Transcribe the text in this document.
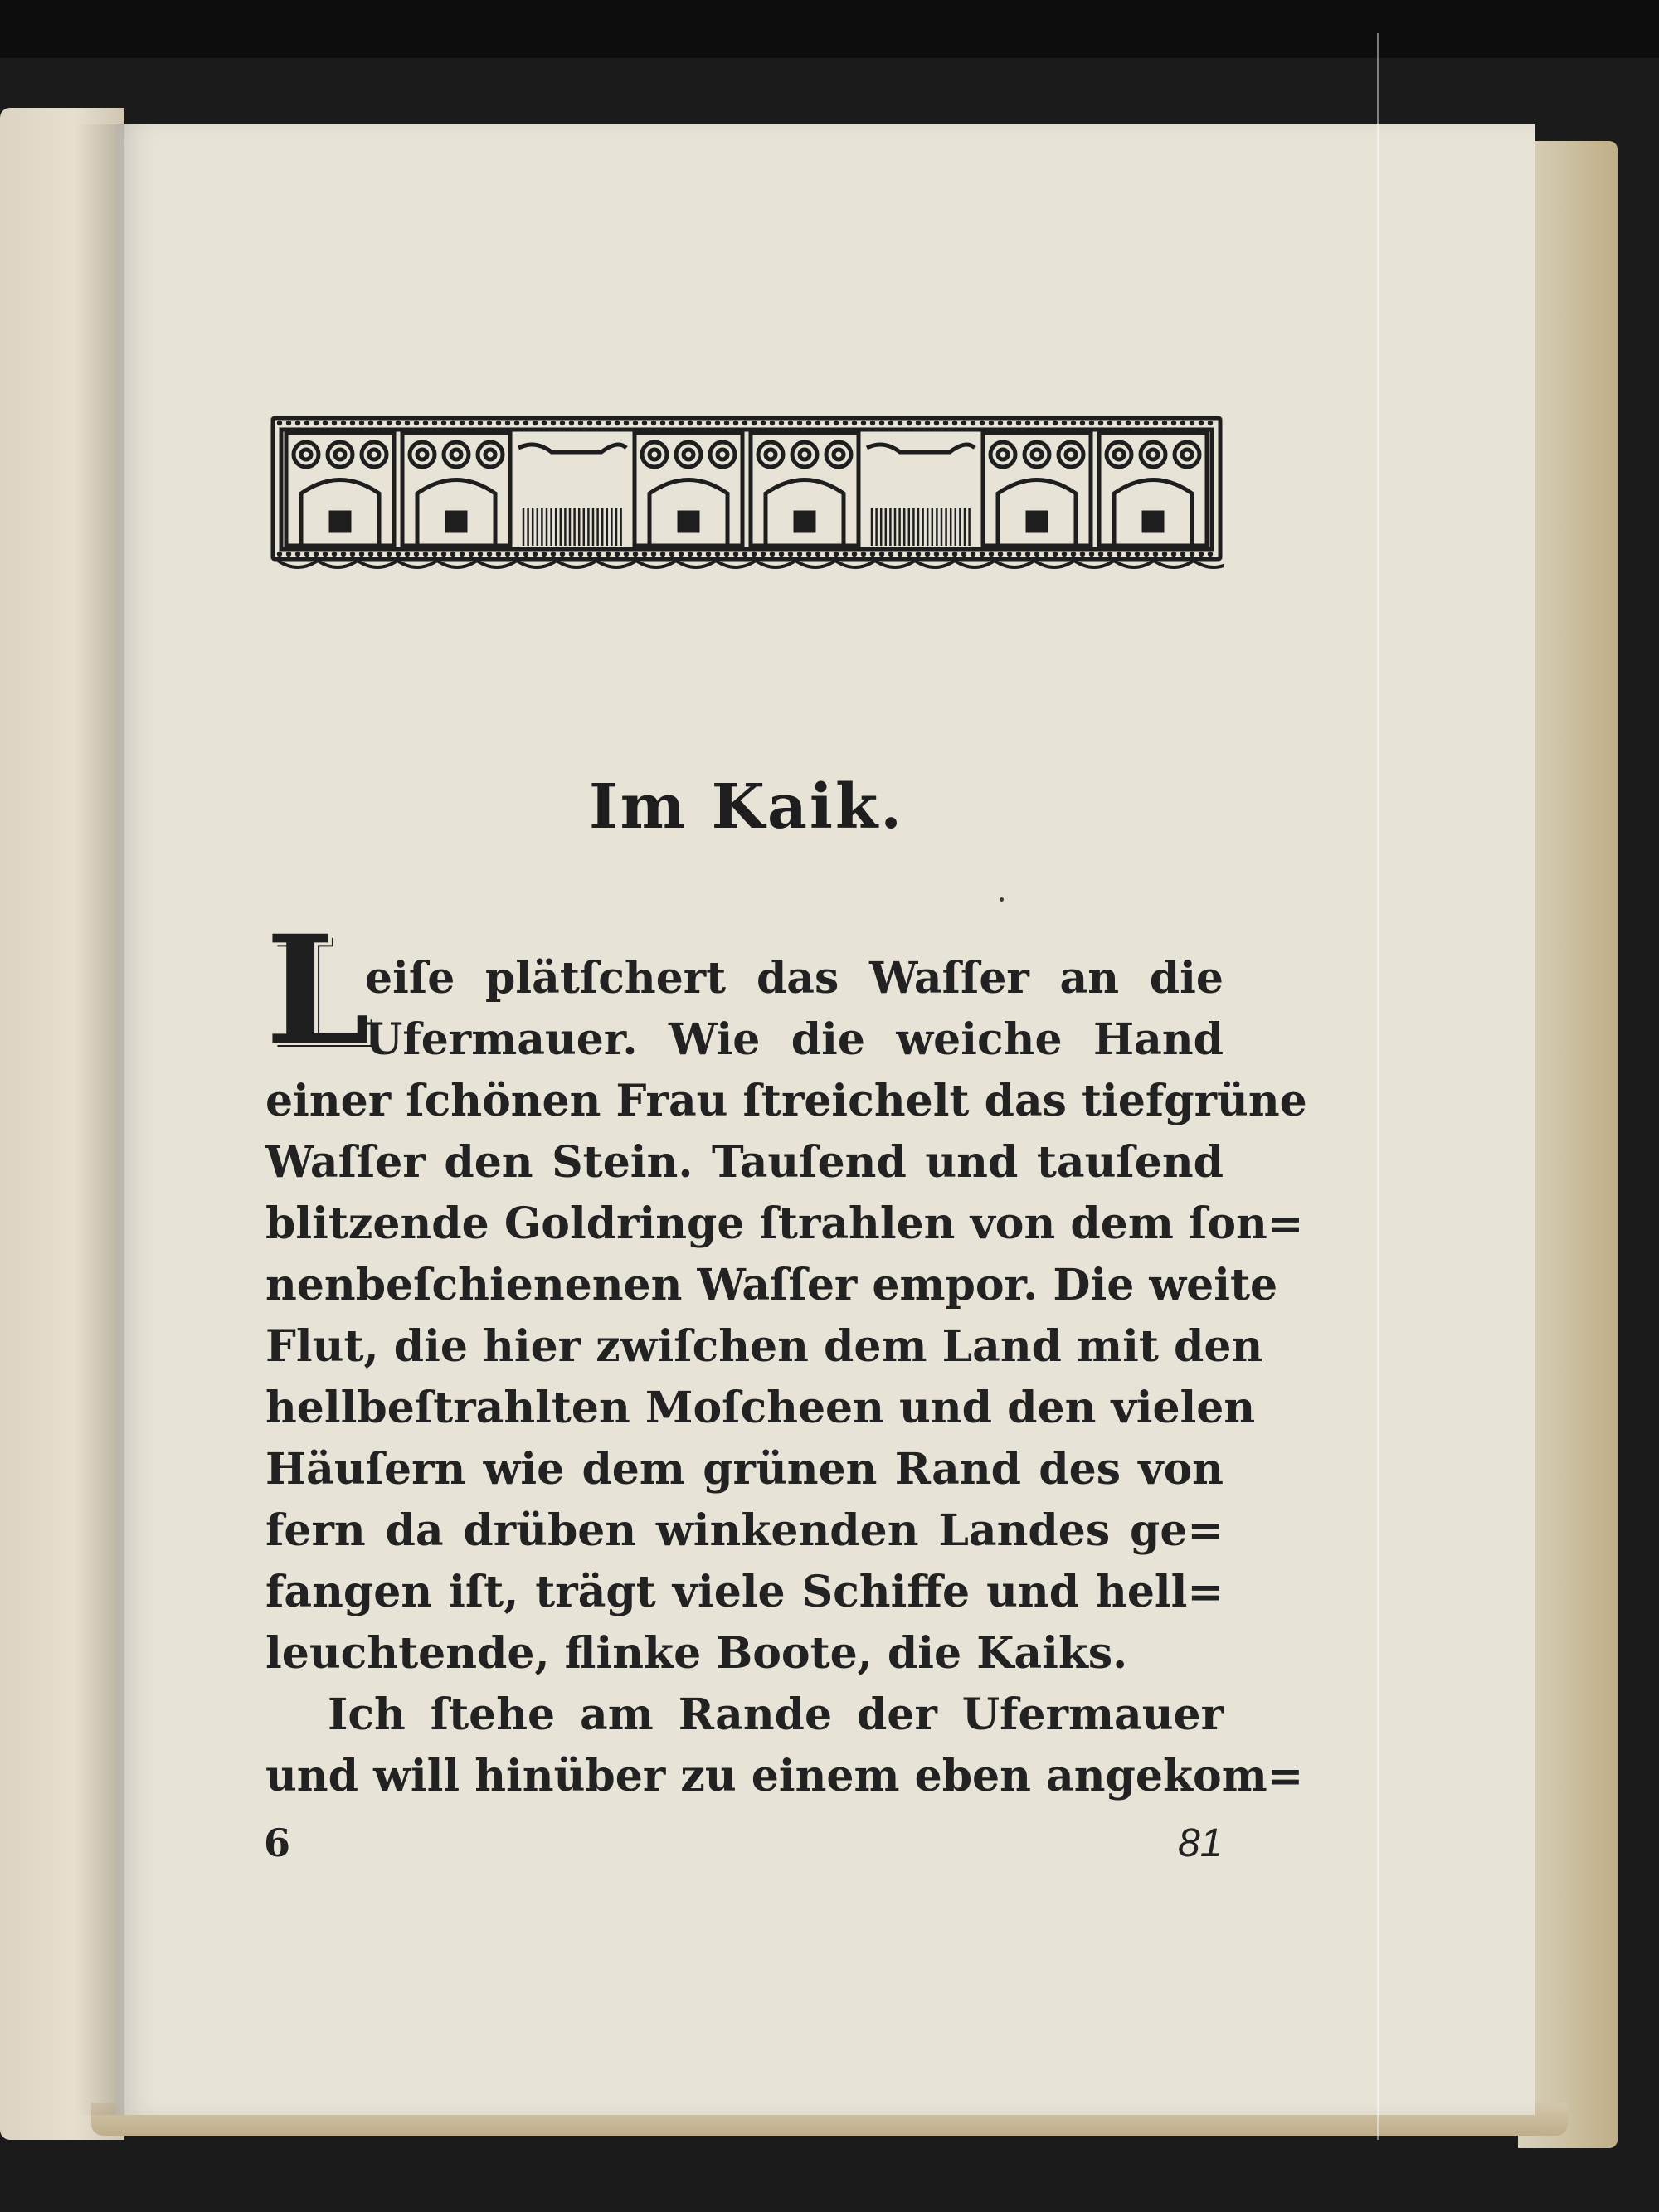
Im Kaik.
L
eiſe plätſchert das Waſſer an die
Ufermauer. Wie die weiche Hand
einer ſchönen Frau ſtreichelt das tiefgrüne
Waſſer den Stein. Tauſend und tauſend
blitzende Goldringe ſtrahlen von dem ſon=
nenbeſchienenen Waſſer empor. Die weite
Flut, die hier zwiſchen dem Land mit den
hellbeſtrahlten Moſcheen und den vielen
Häuſern wie dem grünen Rand des von
fern da drüben winkenden Landes ge=
fangen iſt, trägt viele Schiffe und hell=
leuchtende, flinke Boote, die Kaiks.
Ich ſtehe am Rande der Ufermauer
und will hinüber zu einem eben angekom=
6	81
